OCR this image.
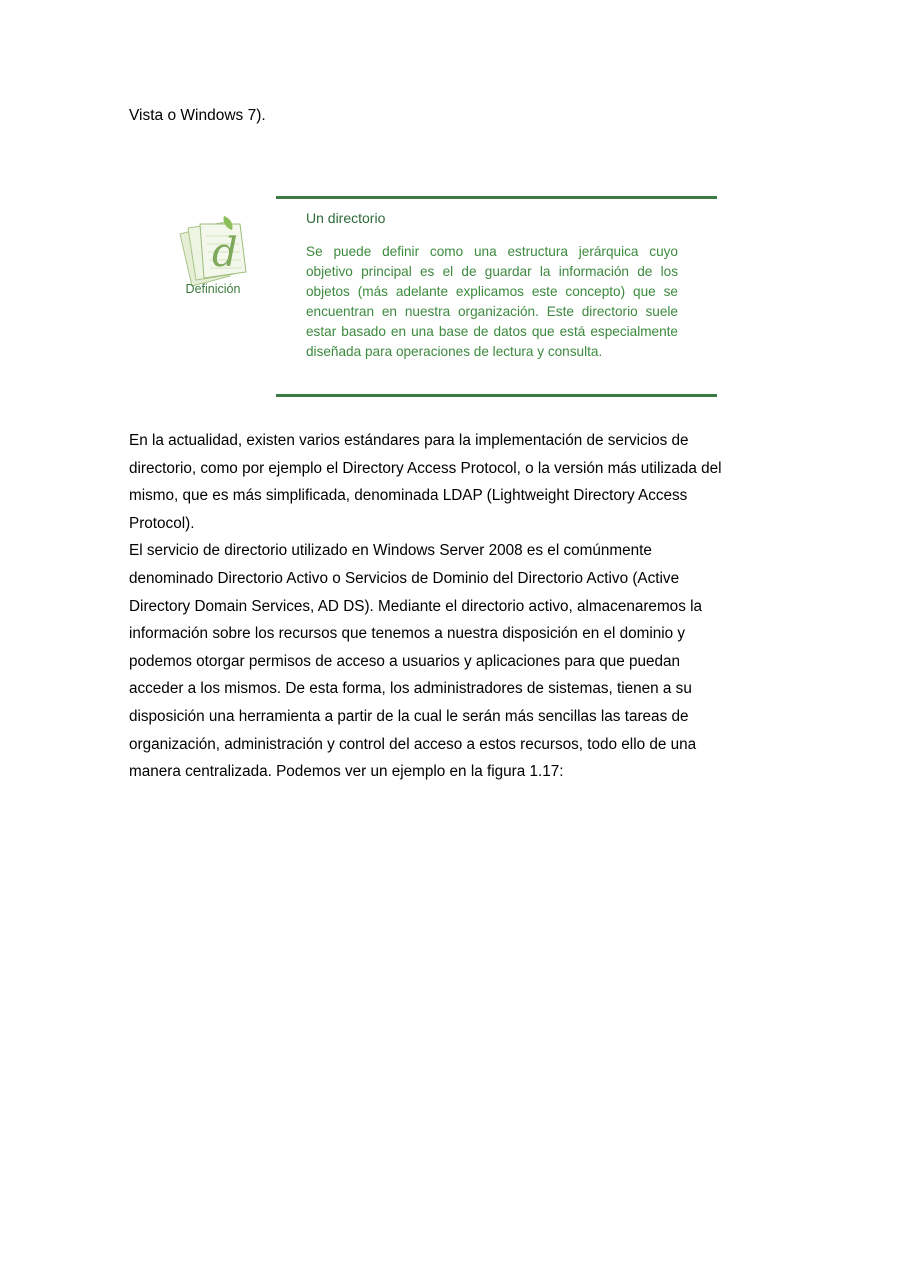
Vista o Windows 7).
d
Definición
Un directorio
Se puede definir como una estructura jerárquica cuyo objetivo principal es el de guardar la información de los objetos (más adelante explicamos este concepto) que se encuentran en nuestra organización. Este directorio suele estar basado en una base de datos que está especialmente diseñada para operaciones de lectura y consulta.

En la actualidad, existen varios estándares para la implementación de servicios de directorio, como por ejemplo el Directory Access Protocol, o la versión más utilizada del mismo, que es más simplificada, denominada LDAP (Lightweight Directory Access Protocol).

El servicio de directorio utilizado en Windows Server 2008 es el comúnmente denominado Directorio Activo o Servicios de Dominio del Directorio Activo (Active Directory Domain Services, AD DS). Mediante el directorio activo, almacenaremos la información sobre los recursos que tenemos a nuestra disposición en el dominio y podemos otorgar permisos de acceso a usuarios y aplicaciones para que puedan acceder a los mismos. De esta forma, los administradores de sistemas, tienen a su disposición una herramienta a partir de la cual le serán más sencillas las tareas de organización, administración y control del acceso a estos recursos, todo ello de una manera centralizada. Podemos ver un ejemplo en la figura 1.17:
